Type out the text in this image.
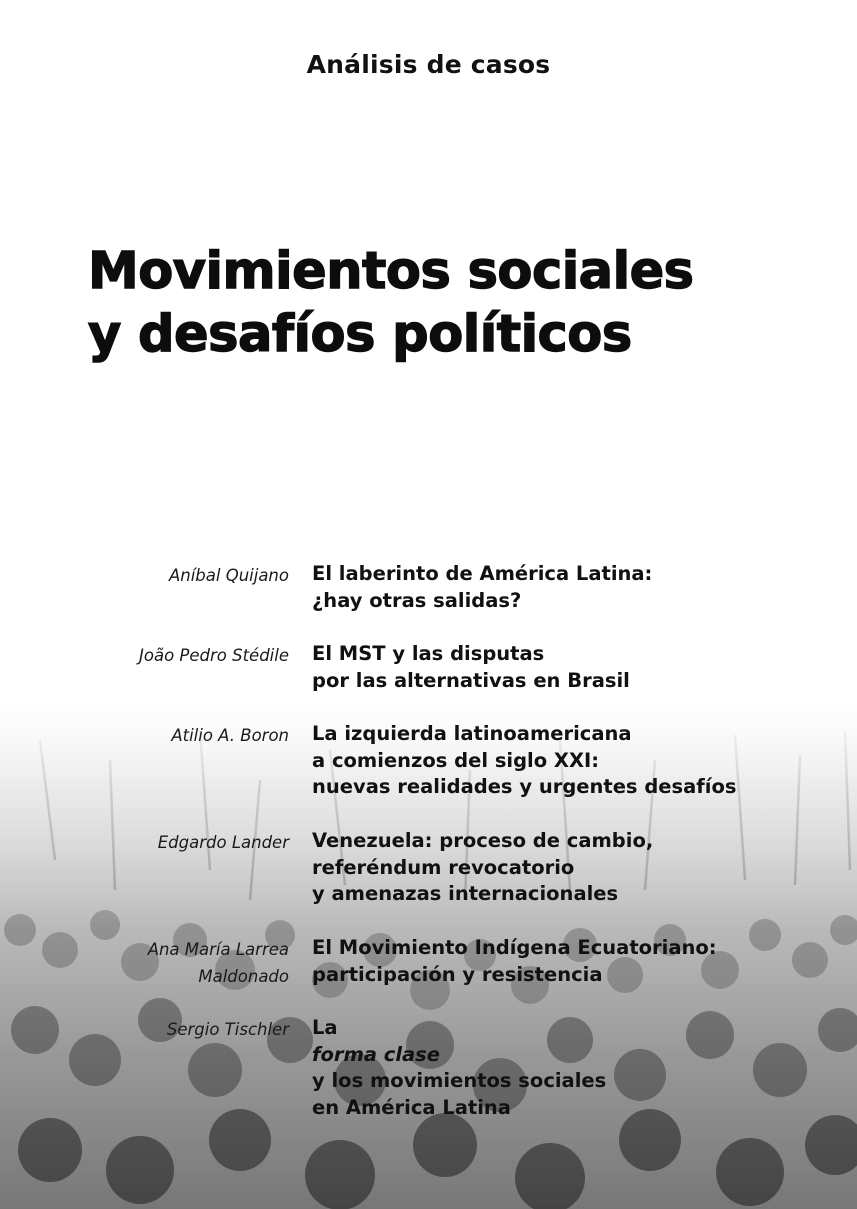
Análisis de casos
Movimientos sociales
y desafíos políticos
Aníbal Quijano El laberinto de América Latina:
¿hay otras salidas?
João Pedro Stédile El MST y las disputas
por las alternativas en Brasil
Atilio A. Boron La izquierda latinoamericana
a comienzos del siglo XXI:
nuevas realidades y urgentes desafíos
Edgardo Lander Venezuela: proceso de cambio,
referéndum revocatorio
y amenazas internacionales
Ana María Larrea
Maldonado
El Movimiento Indígena Ecuatoriano:
participación y resistencia
Sergio Tischler La
forma clase
y los movimientos sociales
en América Latina
